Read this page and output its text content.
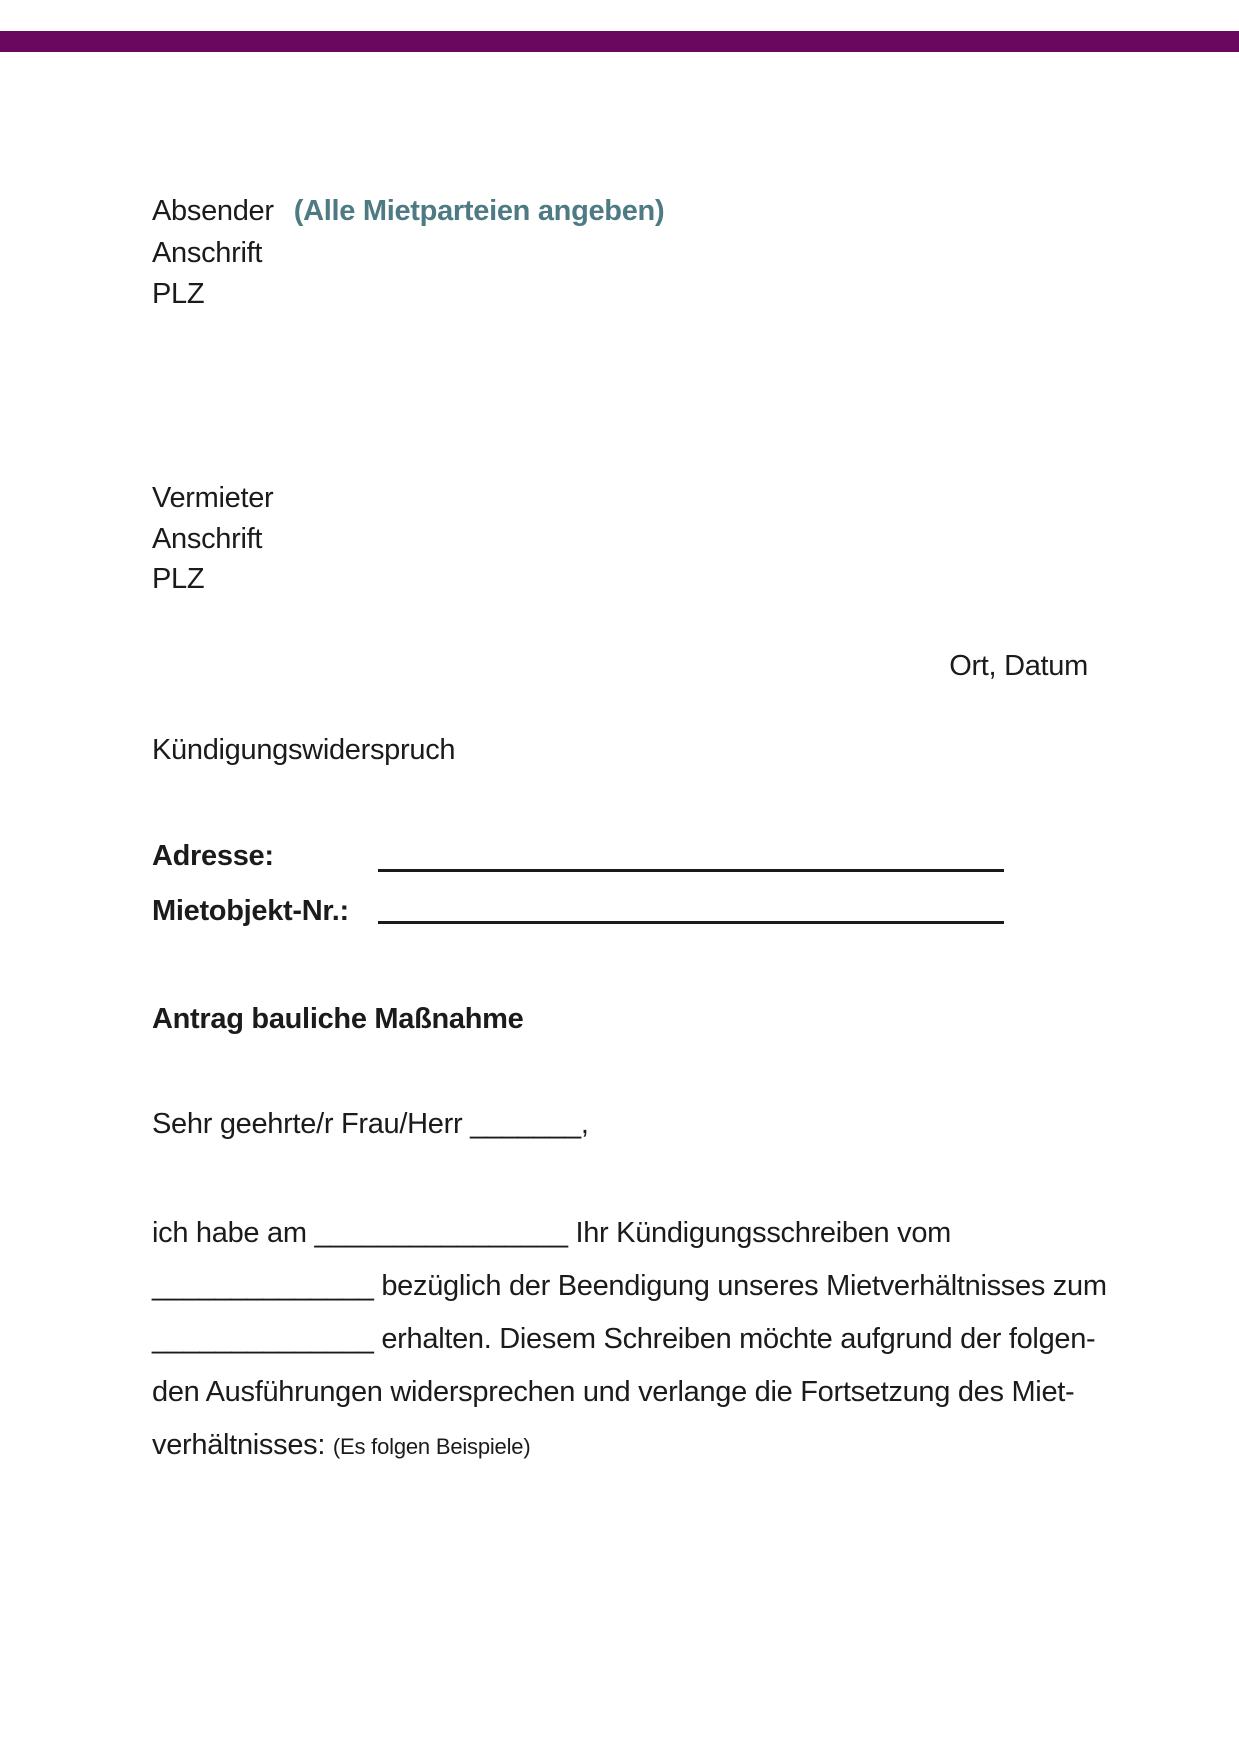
Absender (Alle Mietparteien angeben)
Anschrift
PLZ
Vermieter
Anschrift
PLZ
Ort, Datum
Kündigungswiderspruch
Adresse:
Mietobjekt-Nr.:
Antrag bauliche Maßnahme
Sehr geehrte/r Frau/Herr _______,
ich habe am ________________ Ihr Kündigungsschreiben vom
______________ bezüglich der Beendigung unseres Mietverhältnisses zum
______________ erhalten. Diesem Schreiben möchte aufgrund der folgen-
den Ausführungen widersprechen und verlange die Fortsetzung des Miet-
verhältnisses: (Es folgen Beispiele)
